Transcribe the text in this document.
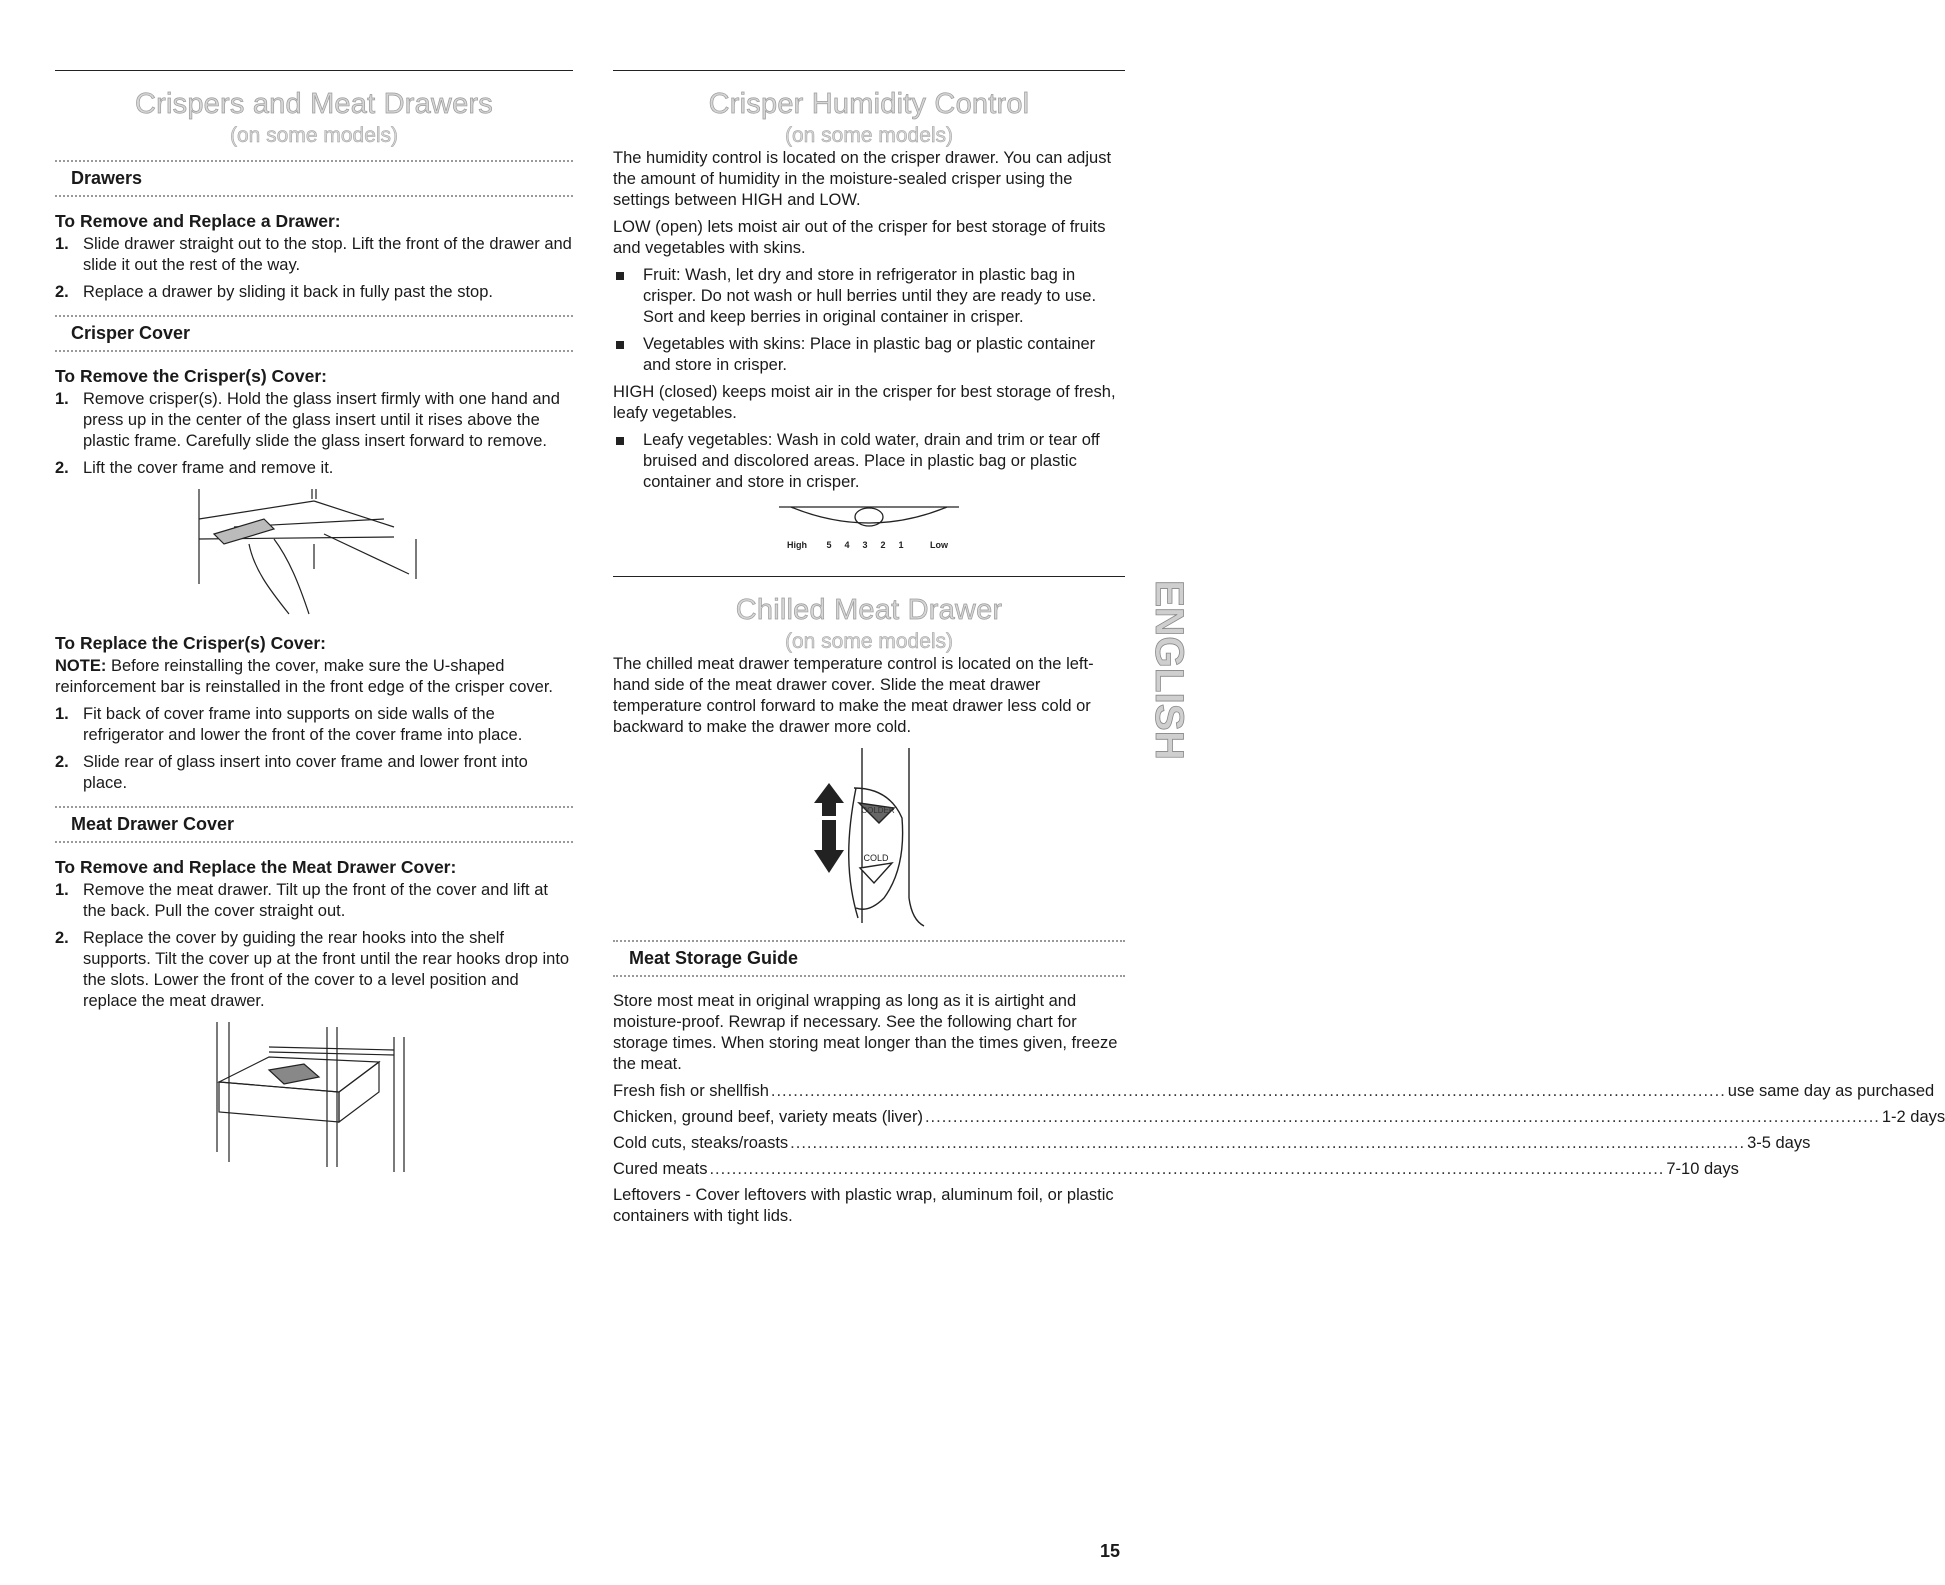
Crispers and Meat Drawers
(on some models)
Drawers
To Remove and Replace a Drawer:
1. Slide drawer straight out to the stop. Lift the front of the drawer and slide it out the rest of the way.
2. Replace a drawer by sliding it back in fully past the stop.
Crisper Cover
To Remove the Crisper(s) Cover:
1. Remove crisper(s). Hold the glass insert firmly with one hand and press up in the center of the glass insert until it rises above the plastic frame. Carefully slide the glass insert forward to remove.
2. Lift the cover frame and remove it.
To Replace the Crisper(s) Cover:

NOTE: Before reinstalling the cover, make sure the U-shaped reinforcement bar is reinstalled in the front edge of the crisper cover.

1. Fit back of cover frame into supports on side walls of the refrigerator and lower the front of the cover frame into place.
2. Slide rear of glass insert into cover frame and lower front into place.
Meat Drawer Cover
To Remove and Replace the Meat Drawer Cover:
1. Remove the meat drawer. Tilt up the front of the cover and lift at the back. Pull the cover straight out.
2. Replace the cover by guiding the rear hooks into the shelf supports. Tilt the cover up at the front until the rear hooks drop into the slots. Lower the front of the cover to a level position and replace the meat drawer.
Crisper Humidity Control
(on some models)

The humidity control is located on the crisper drawer. You can adjust the amount of humidity in the moisture-sealed crisper using the settings between HIGH and LOW.

LOW (open) lets moist air out of the crisper for best storage of fruits and vegetables with skins.

Fruit: Wash, let dry and store in refrigerator in plastic bag in crisper. Do not wash or hull berries until they are ready to use. Sort and keep berries in original container in crisper.
Vegetables with skins: Place in plastic bag or plastic container and store in crisper.

HIGH (closed) keeps moist air in the crisper for best storage of fresh, leafy vegetables.

Leafy vegetables: Wash in cold water, drain and trim or tear off bruised and discolored areas. Place in plastic bag or plastic container and store in crisper.
High 5 4 3 2 1	Low
Chilled Meat Drawer
(on some models)

The chilled meat drawer temperature control is located on the left-hand side of the meat drawer cover. Slide the meat drawer temperature control forward to make the meat drawer less cold or backward to make the drawer more cold.

COLDER
COLD
Meat Storage Guide

Store most meat in original wrapping as long as it is airtight and moisture-proof. Rewrap if necessary. See the following chart for storage times. When storing meat longer than the times given, freeze the meat.

Fresh fish or shellfish .....	use same day as purchased
Chicken, ground beef, variety meats (liver) .....	1-2 days
Cold cuts, steaks/roasts .....	3-5 days
Cured meats .....	7-10 days

Leftovers - Cover leftovers with plastic wrap, aluminum foil, or plastic containers with tight lids.

ENGLISH
15
